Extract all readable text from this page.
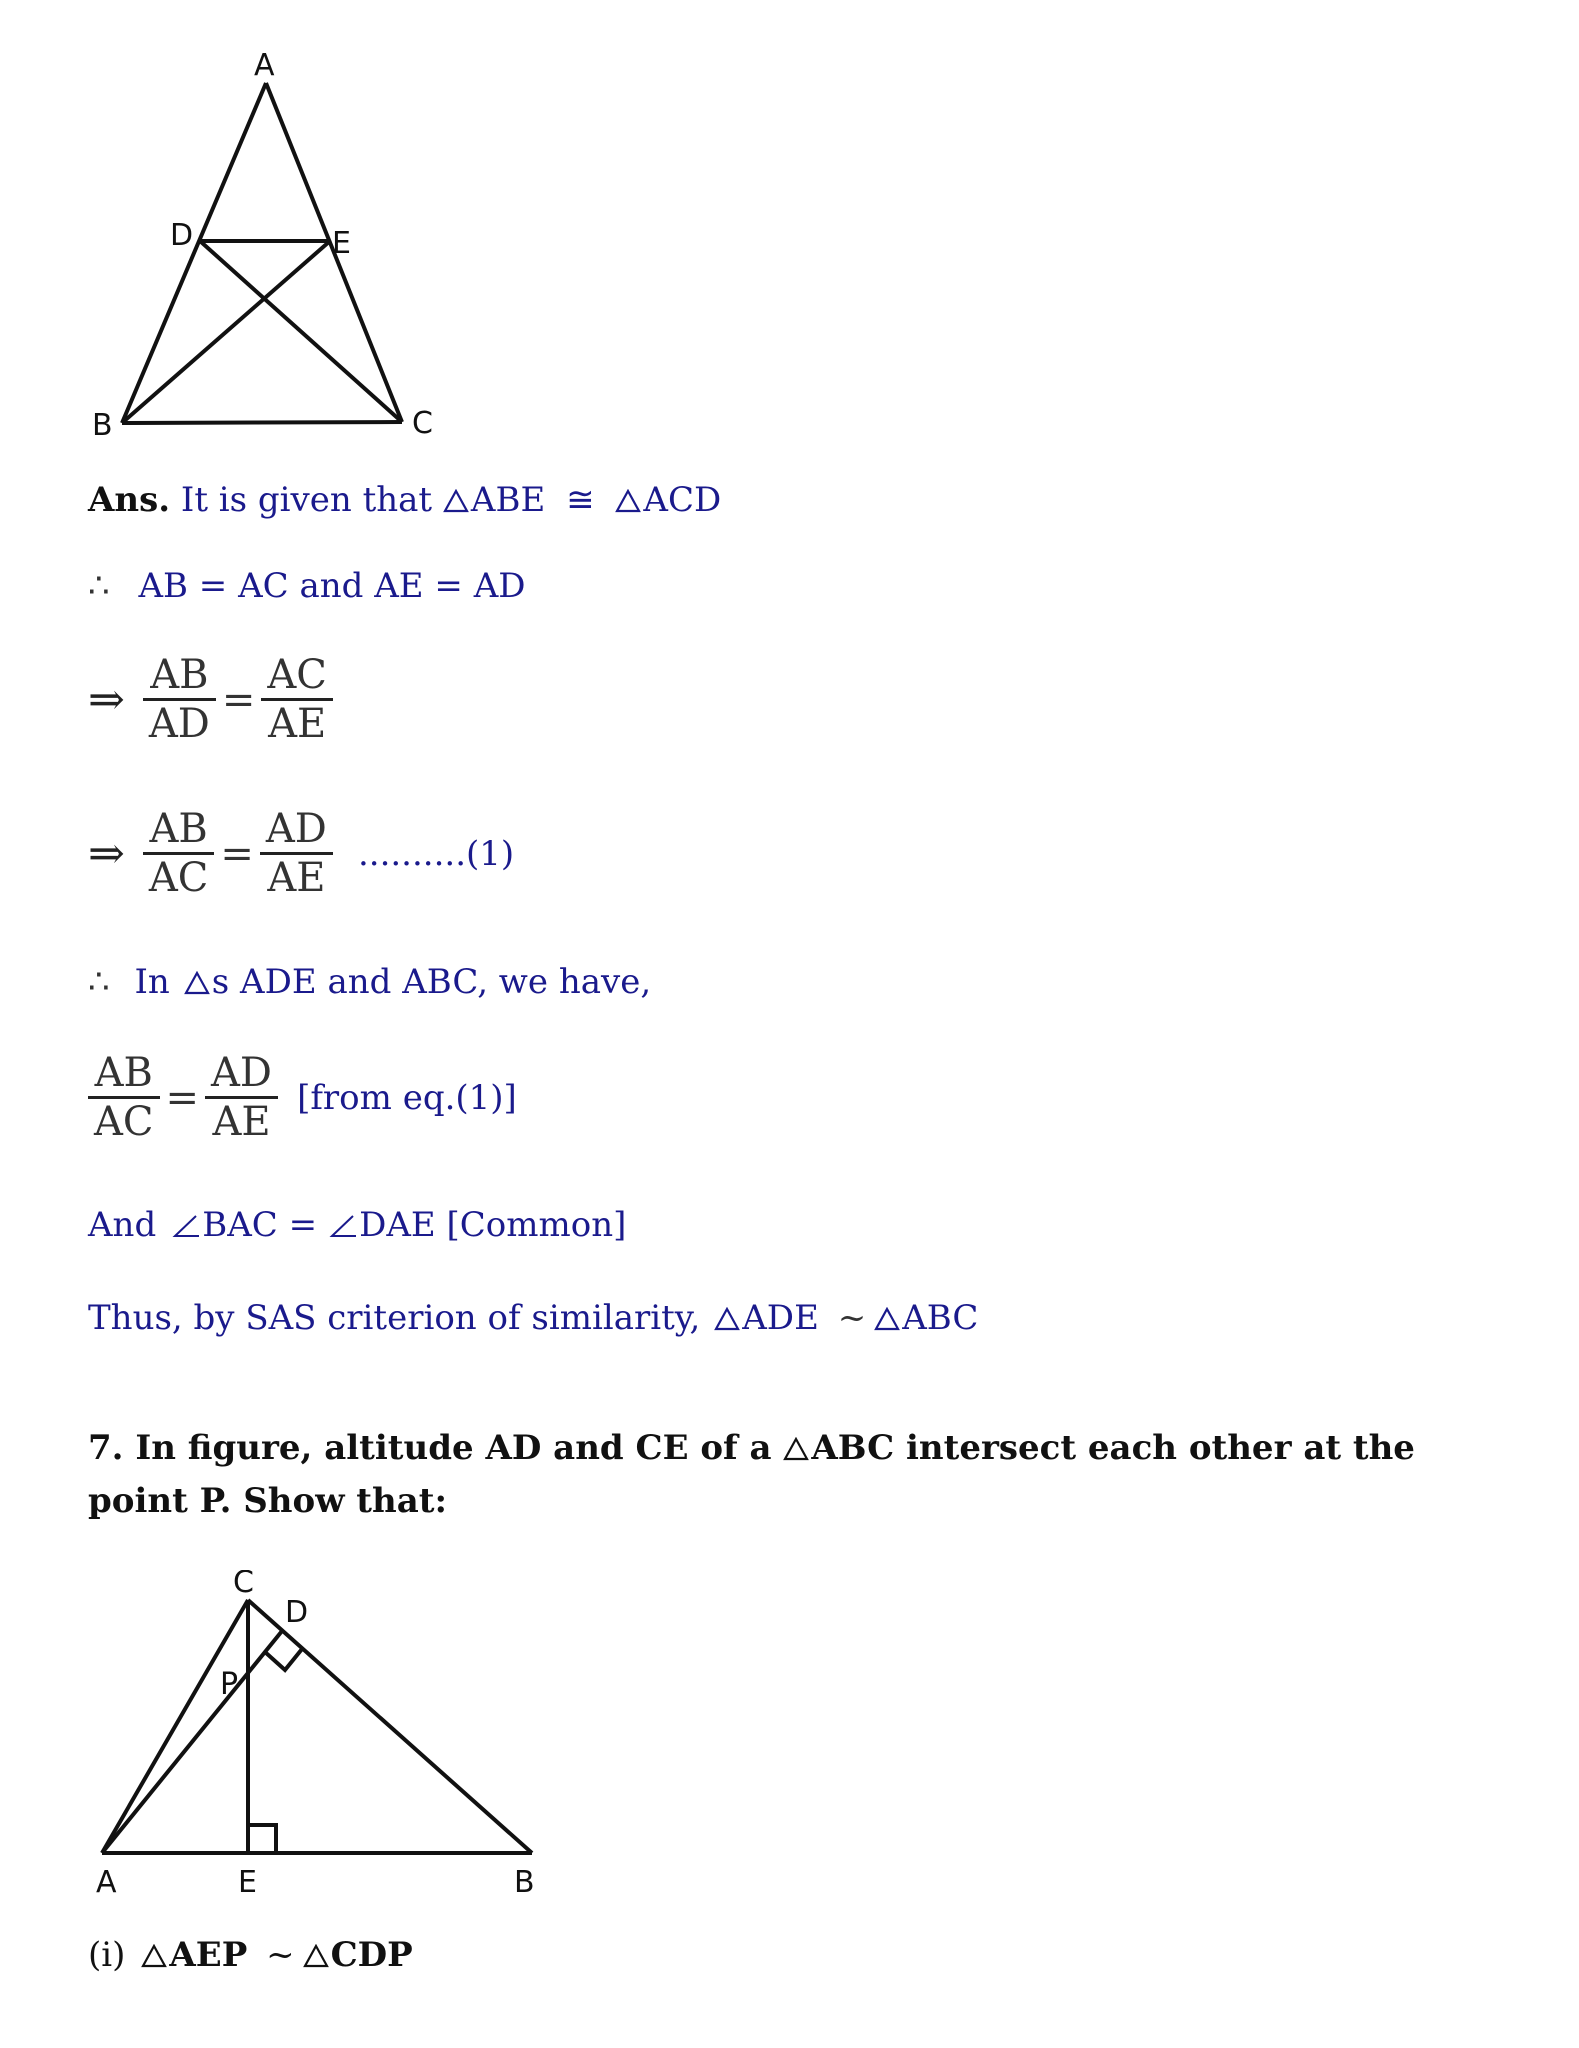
A
B	C
D	E
Ans. It is given that ABE ≅ ACD
∴ AB = AC and AE = AD
⇒ $\frac{AB}{AD} = \frac{AC}{AE}$
⇒ $\frac{AB}{AC} = \frac{AD}{AE} ..........(1)$
∴ In s ADE and ABC, we have,
$\frac{AB}{AC} = \frac{AD}{AE}$ [from eq.(1)]
And BAC = DAE [Common]
Thus, by SAS criterion of similarity, ADE ~ ABC
7. In figure, altitude AD and CE of a ABC intersect each other at the point P. Show that:
C
D
P
A	E	B
(i) AEP ~ CDP
